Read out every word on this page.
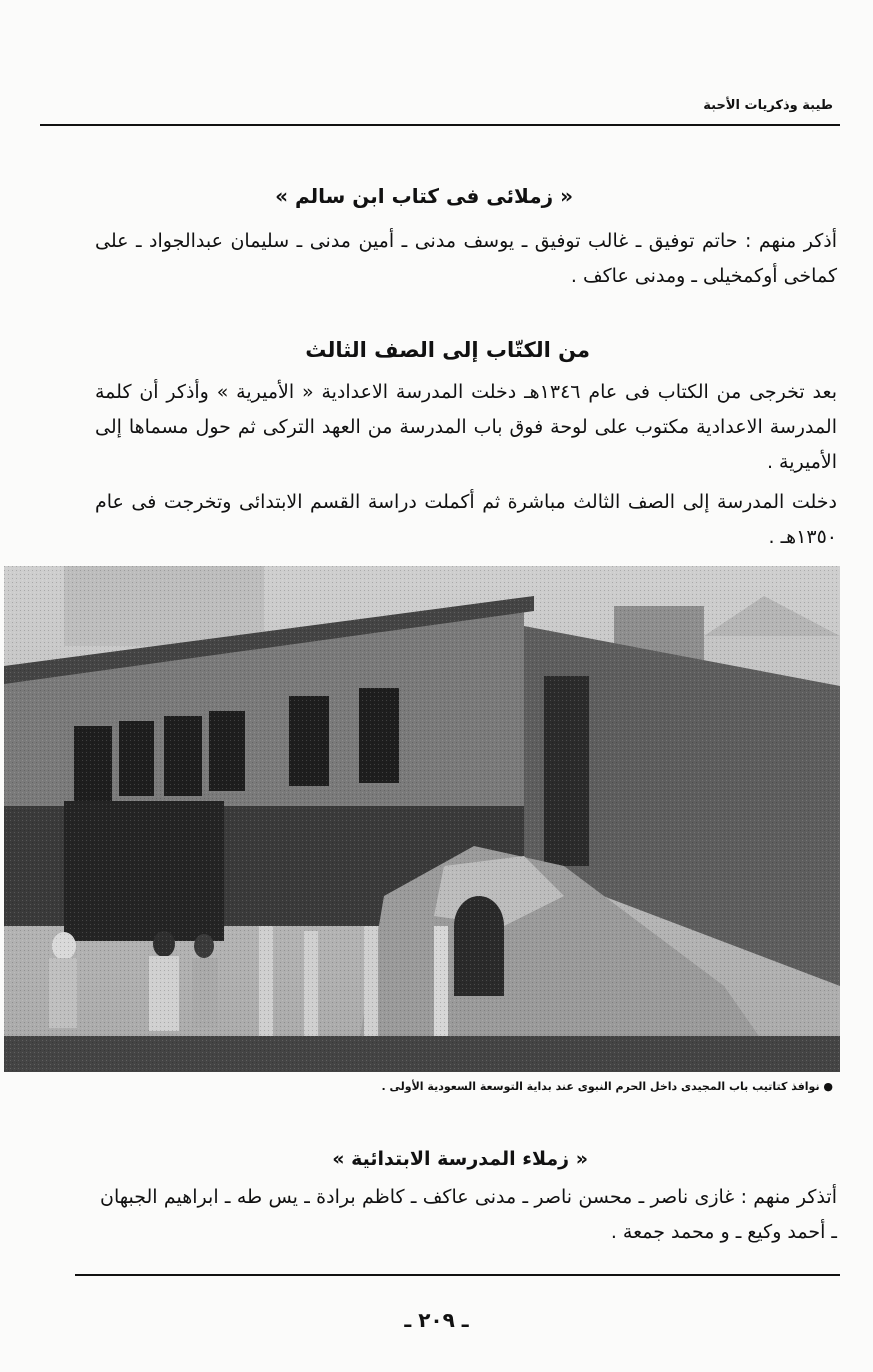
طيبة وذكريات الأحبة
« زملائى فى كتاب ابن سالم »
أذكر منهم : حاتم توفيق ـ غالب توفيق ـ يوسف مدنى ـ أمين مدنى ـ سليمان عبدالجواد ـ على كماخى أوكمخيلى ـ ومدنى عاكف .
من الكتّاب إلى الصف الثالث
بعد تخرجى من الكتاب فى عام ١٣٤٦هـ دخلت المدرسة الاعدادية « الأميرية » وأذكر أن كلمة المدرسة الاعدادية مكتوب على لوحة فوق باب المدرسة من العهد التركى ثم حول مسماها إلى الأميرية .
دخلت المدرسة إلى الصف الثالث مباشرة ثم أكملت دراسة القسم الابتدائى وتخرجت فى عام ١٣٥٠هـ .
● نوافذ كتاتيب باب المجيدى داخل الحرم النبوى عند بداية التوسعة السعودية الأولى .
« زملاء المدرسة الابتدائية »
أتذكر منهم : غازى ناصر ـ محسن ناصر ـ مدنى عاكف ـ كاظم برادة ـ يس طه ـ ابراهيم الجبهان ـ أحمد وكيع ـ و محمد جمعة .
ـ ٢٠٩ ـ
